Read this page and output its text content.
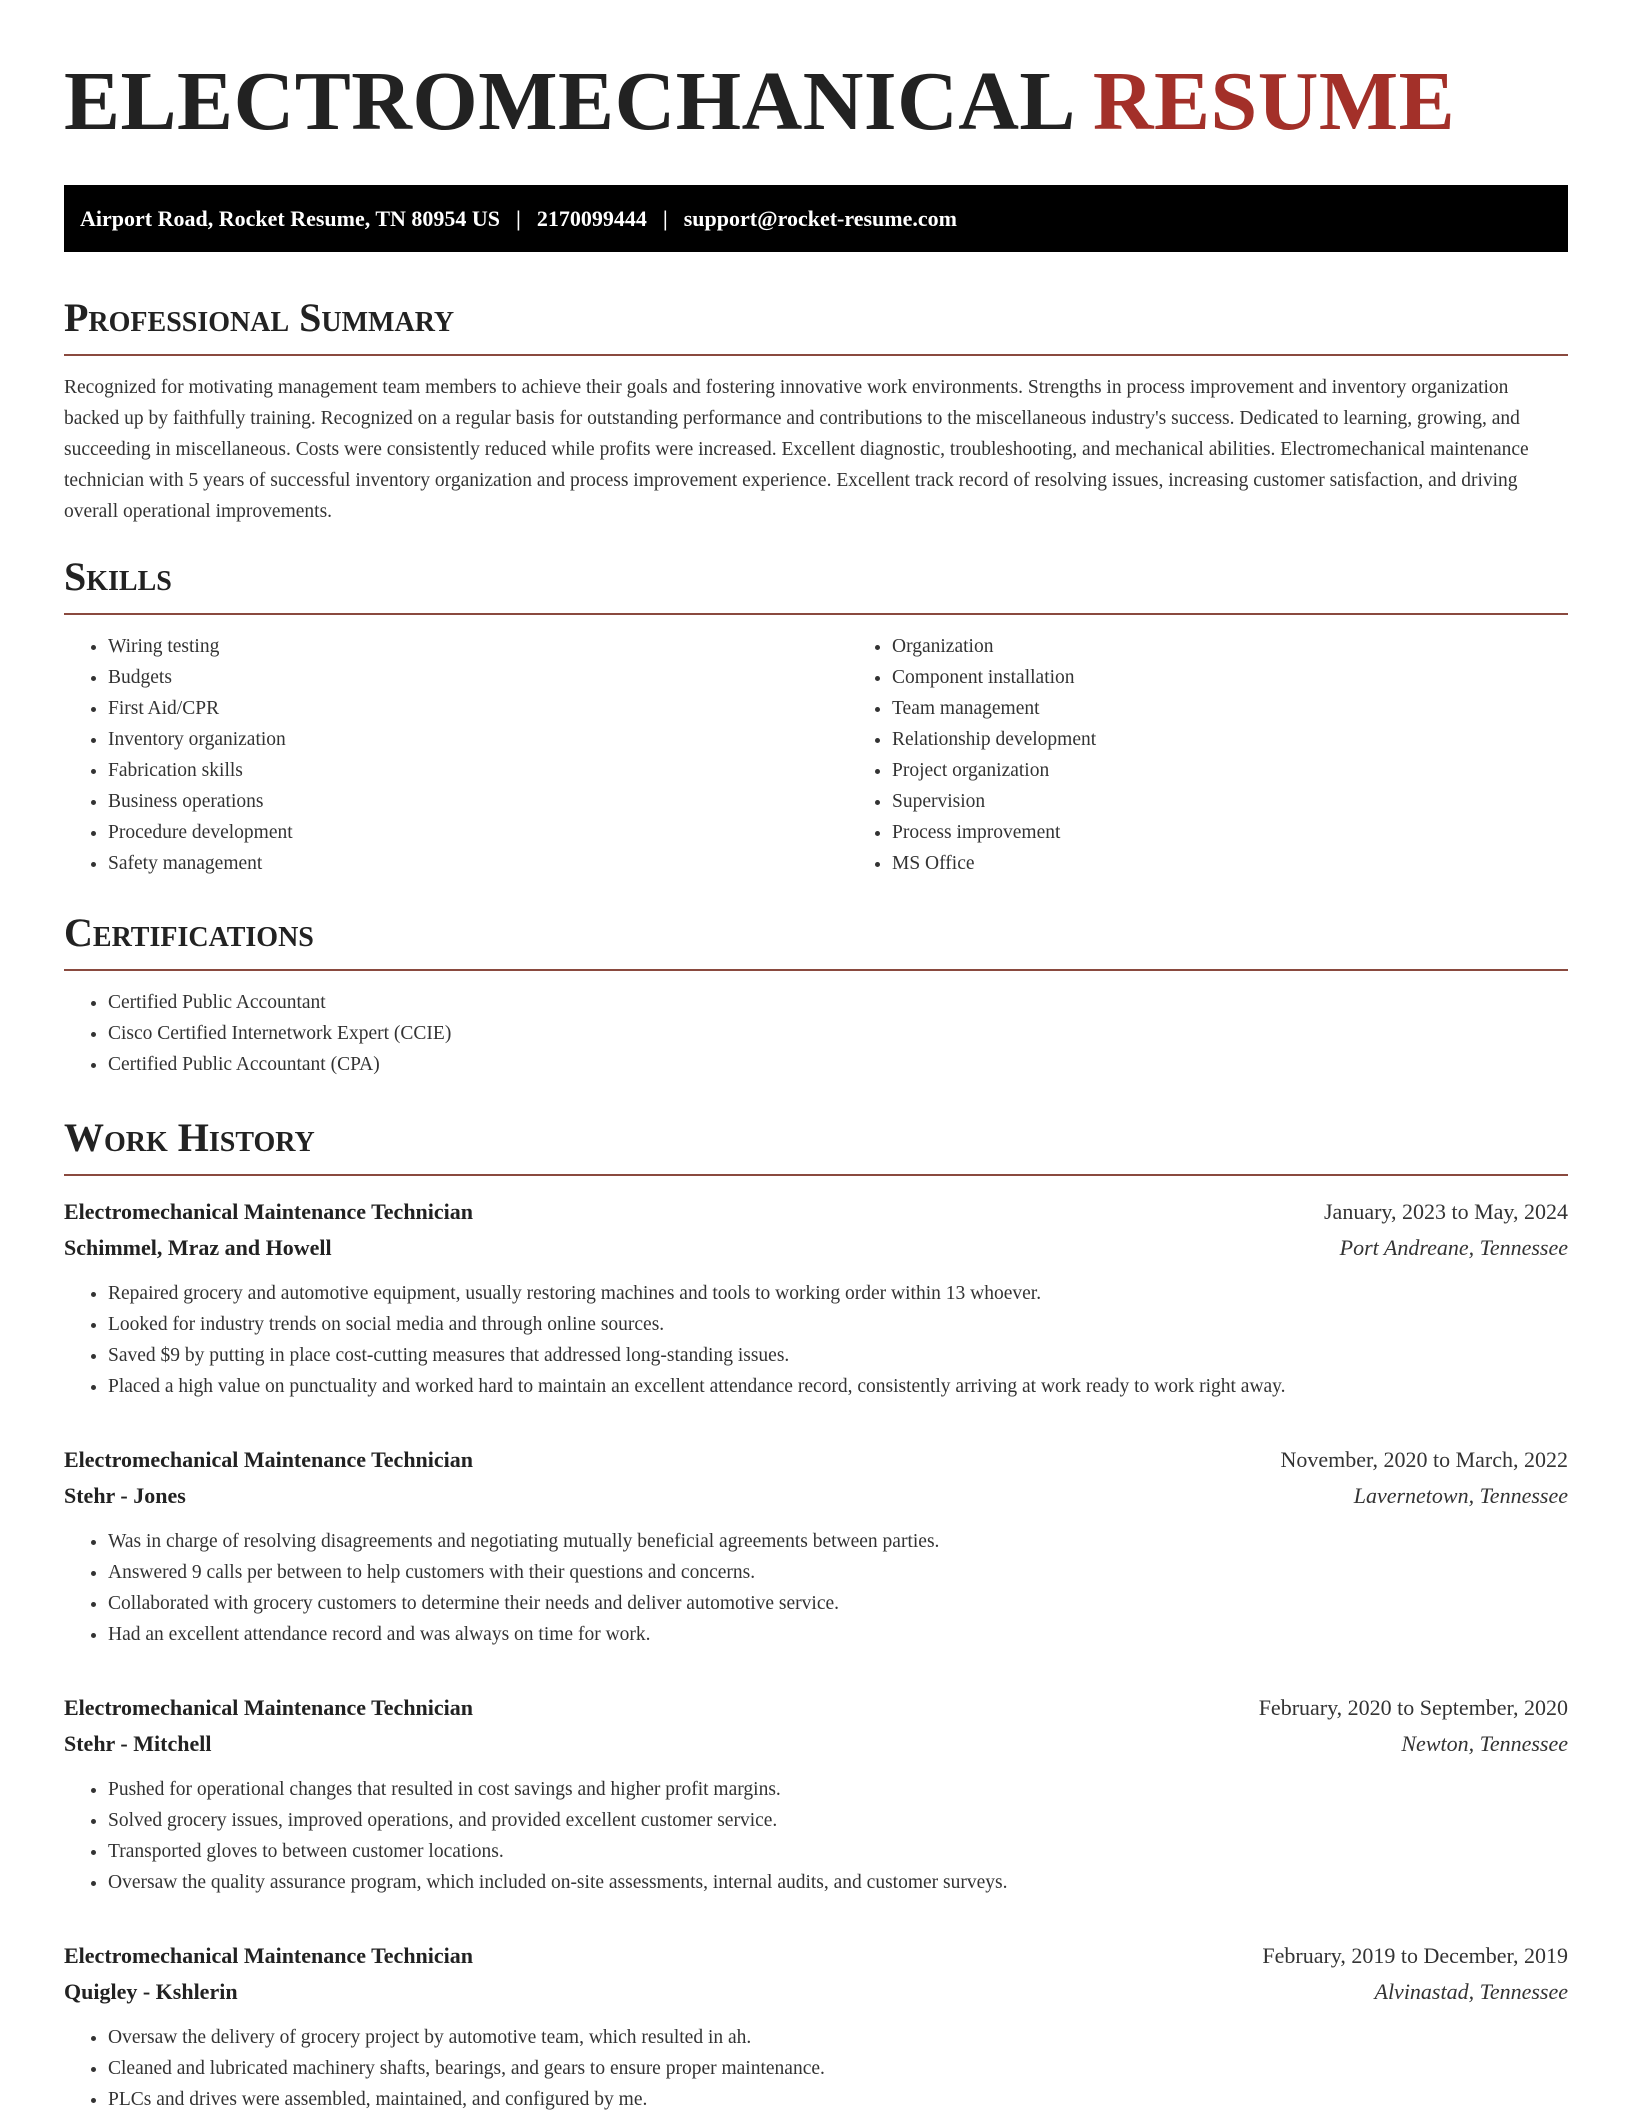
ELECTROMECHANICAL RESUME
Airport Road, Rocket Resume, TN 80954 US | 2170099444 | support@rocket-resume.com
Professional Summary

Recognized for motivating management team members to achieve their goals and fostering innovative work environments. Strengths in process improvement and inventory organization backed up by faithfully training. Recognized on a regular basis for outstanding performance and contributions to the miscellaneous industry's success. Dedicated to learning, growing, and succeeding in miscellaneous. Costs were consistently reduced while profits were increased. Excellent diagnostic, troubleshooting, and mechanical abilities. Electromechanical maintenance technician with 5 years of successful inventory organization and process improvement experience. Excellent track record of resolving issues, increasing customer satisfaction, and driving overall operational improvements.

Skills
• Wiring testing
• Budgets
• First Aid/CPR
• Inventory organization
• Fabrication skills
• Business operations
• Procedure development
• Safety management
• Organization
• Component installation
• Team management
• Relationship development
• Project organization
• Supervision
• Process improvement
• MS Office
Certifications
• Certified Public Accountant
• Cisco Certified Internetwork Expert (CCIE)
• Certified Public Accountant (CPA)
Work History
Electromechanical Maintenance Technician	January, 2023 to May, 2024
Schimmel, Mraz and Howell	Port Andreane, Tennessee
• Repaired grocery and automotive equipment, usually restoring machines and tools to working order within 13 whoever.
• Looked for industry trends on social media and through online sources.
• Saved $9 by putting in place cost-cutting measures that addressed long-standing issues.
• Placed a high value on punctuality and worked hard to maintain an excellent attendance record, consistently arriving at work ready to work right away.
Electromechanical Maintenance Technician	November, 2020 to March, 2022
Stehr - Jones	Lavernetown, Tennessee
• Was in charge of resolving disagreements and negotiating mutually beneficial agreements between parties.
• Answered 9 calls per between to help customers with their questions and concerns.
• Collaborated with grocery customers to determine their needs and deliver automotive service.
• Had an excellent attendance record and was always on time for work.
Electromechanical Maintenance Technician	February, 2020 to September, 2020
Stehr - Mitchell	Newton, Tennessee
• Pushed for operational changes that resulted in cost savings and higher profit margins.
• Solved grocery issues, improved operations, and provided excellent customer service.
• Transported gloves to between customer locations.
• Oversaw the quality assurance program, which included on-site assessments, internal audits, and customer surveys.
Electromechanical Maintenance Technician	February, 2019 to December, 2019
Quigley - Kshlerin	Alvinastad, Tennessee
• Oversaw the delivery of grocery project by automotive team, which resulted in ah.
• Cleaned and lubricated machinery shafts, bearings, and gears to ensure proper maintenance.
• PLCs and drives were assembled, maintained, and configured by me.
